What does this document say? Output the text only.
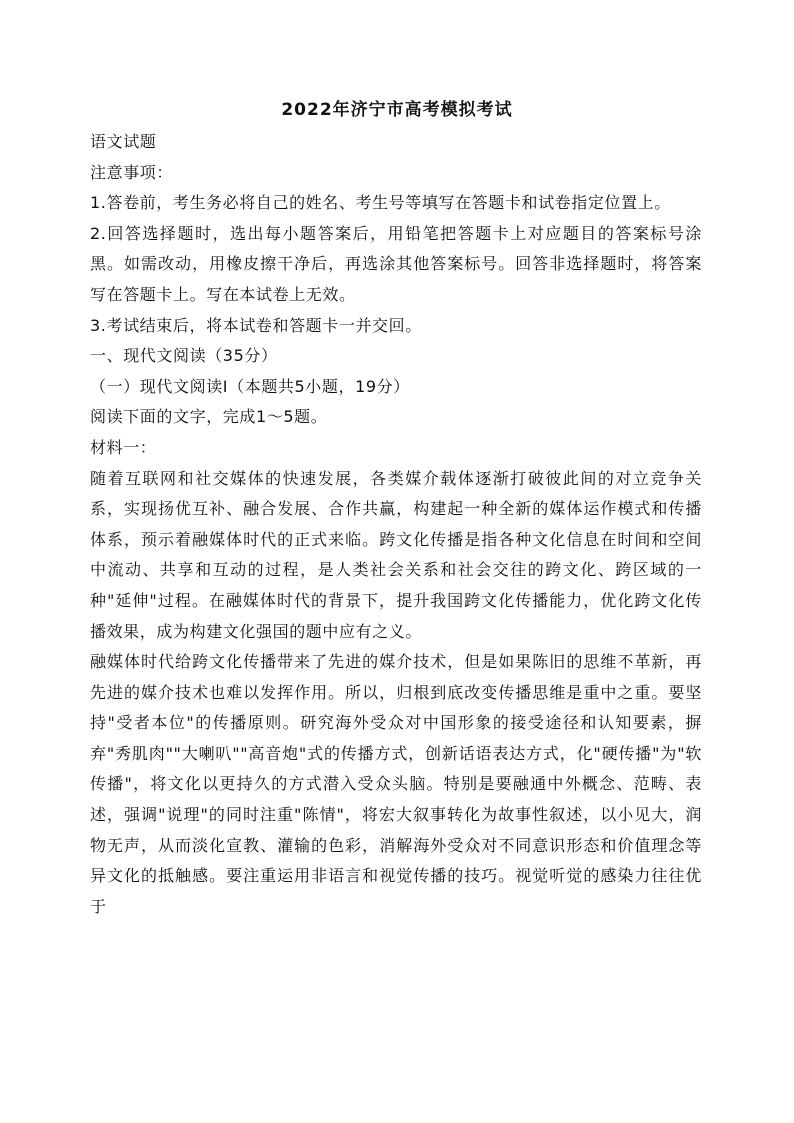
2022年济宁市高考模拟考试

语文试题

注意事项：

1.答卷前，考生务必将自己的姓名、考生号等填写在答题卡和试卷指定位置上。

2.回答选择题时，选出每小题答案后，用铅笔把答题卡上对应题目的答案标号涂黑。如需改动，用橡皮擦干净后，再选涂其他答案标号。回答非选择题时，将答案写在答题卡上。写在本试卷上无效。

3.考试结束后，将本试卷和答题卡一并交回。

一、现代文阅读（35分）

（一）现代文阅读Ⅰ（本题共5小题，19分）

阅读下面的文字，完成1～5题。

材料一：

随着互联网和社交媒体的快速发展，各类媒介载体逐渐打破彼此间的对立竞争关系，实现扬优互补、融合发展、合作共赢，构建起一种全新的媒体运作模式和传播体系，预示着融媒体时代的正式来临。跨文化传播是指各种文化信息在时间和空间中流动、共享和互动的过程，是人类社会关系和社会交往的跨文化、跨区域的一种"延伸"过程。在融媒体时代的背景下，提升我国跨文化传播能力，优化跨文化传播效果，成为构建文化强国的题中应有之义。

融媒体时代给跨文化传播带来了先进的媒介技术，但是如果陈旧的思维不革新，再先进的媒介技术也难以发挥作用。所以，归根到底改变传播思维是重中之重。要坚持"受者本位"的传播原则。研究海外受众对中国形象的接受途径和认知要素，摒弃"秀肌肉""大喇叭""高音炮"式的传播方式，创新话语表达方式，化"硬传播"为"软传播"，将文化以更持久的方式潜入受众头脑。特别是要融通中外概念、范畴、表述，强调"说理"的同时注重"陈情"，将宏大叙事转化为故事性叙述，以小见大，润物无声，从而淡化宣教、灌输的色彩，消解海外受众对不同意识形态和价值理念等异文化的抵触感。要注重运用非语言和视觉传播的技巧。视觉听觉的感染力往往优于
